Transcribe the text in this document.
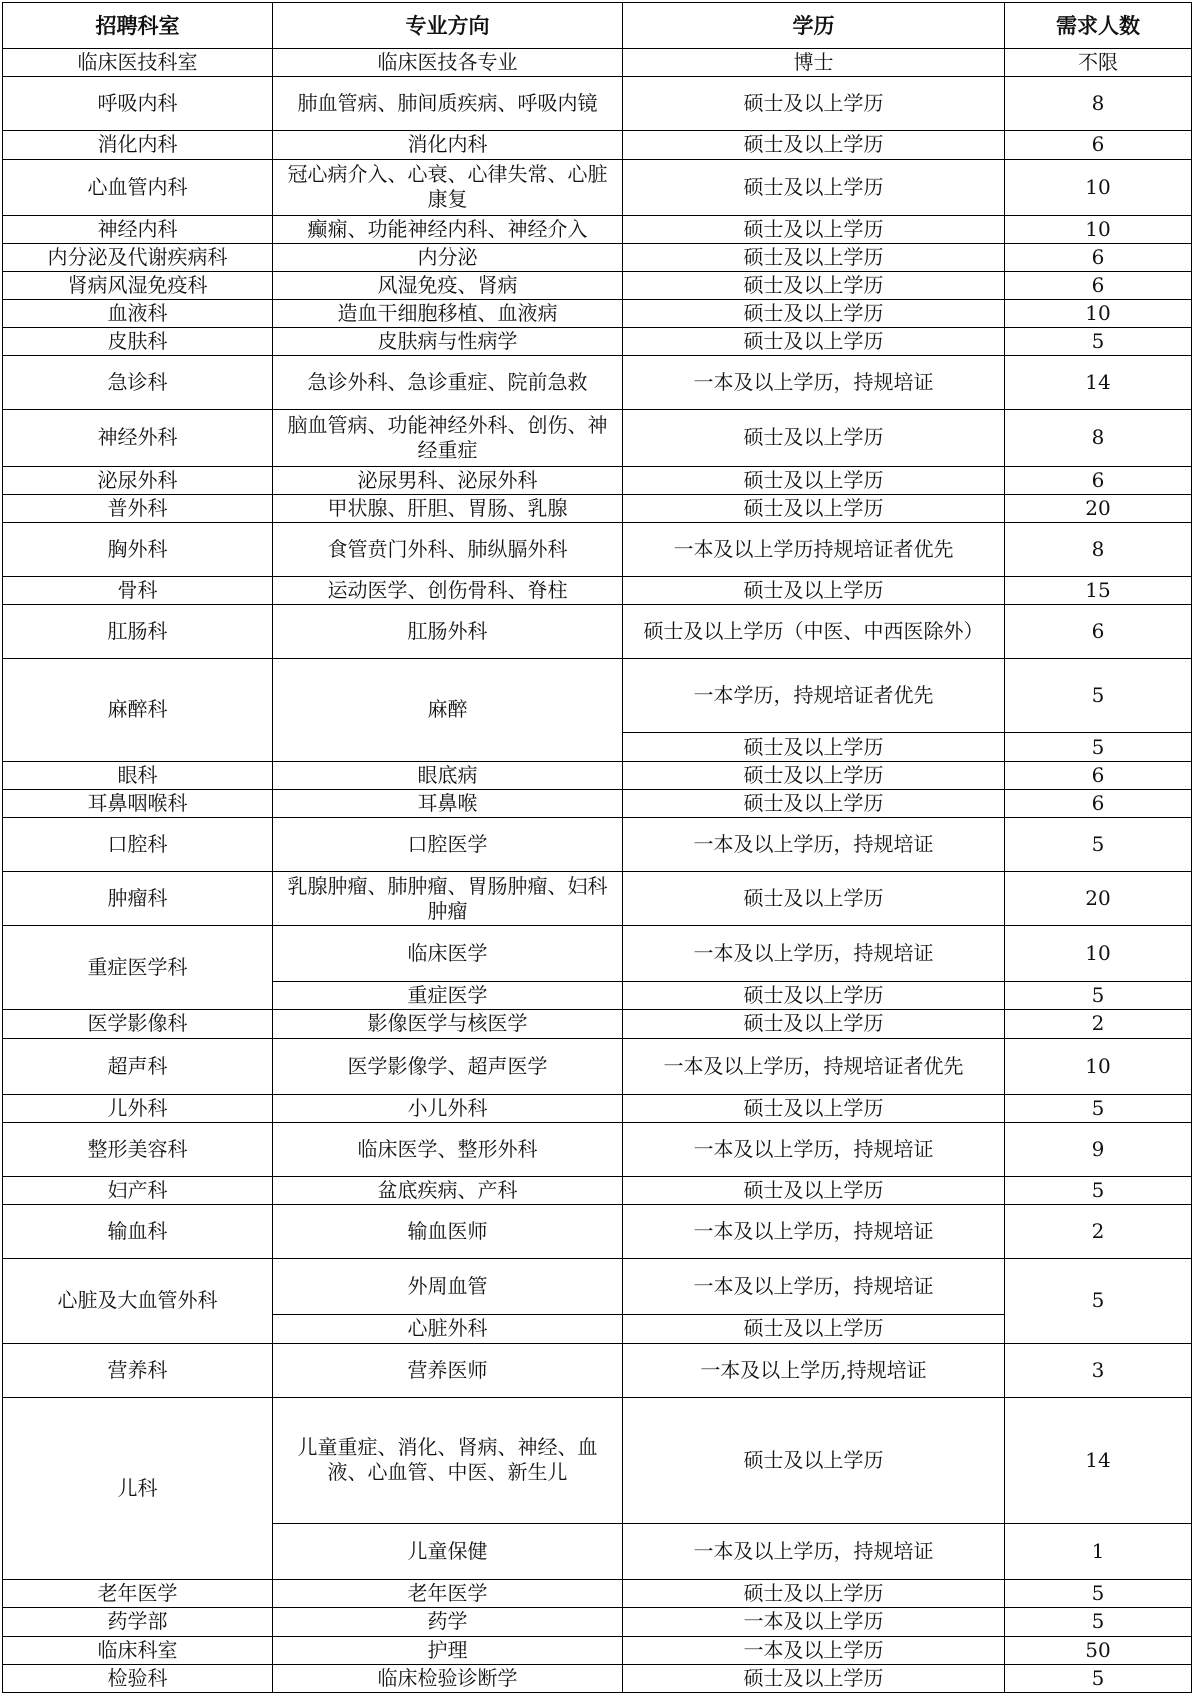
招聘科室	专业方向	学历	需求人数
临床医技科室	临床医技各专业	博士	不限
呼吸内科	肺血管病、肺间质疾病、呼吸内镜	硕士及以上学历	8
消化内科	消化内科	硕士及以上学历	6
心血管内科	冠心病介入、心衰、心律失常、心脏康复	硕士及以上学历	10
神经内科	癫痫、功能神经内科、神经介入	硕士及以上学历	10
内分泌及代谢疾病科	内分泌	硕士及以上学历	6
肾病风湿免疫科	风湿免疫、肾病	硕士及以上学历	6
血液科	造血干细胞移植、血液病	硕士及以上学历	10
皮肤科	皮肤病与性病学	硕士及以上学历	5
急诊科	急诊外科、急诊重症、院前急救	一本及以上学历，持规培证	14
神经外科	脑血管病、功能神经外科、创伤、神经重症	硕士及以上学历	8
泌尿外科	泌尿男科、泌尿外科	硕士及以上学历	6
普外科	甲状腺、肝胆、胃肠、乳腺	硕士及以上学历	20
胸外科	食管贲门外科、肺纵膈外科	一本及以上学历持规培证者优先	8
骨科	运动医学、创伤骨科、脊柱	硕士及以上学历	15
肛肠科	肛肠外科	硕士及以上学历（中医、中西医除外）	6
麻醉科	麻醉	一本学历，持规培证者优先	5
		硕士及以上学历	5
眼科	眼底病	硕士及以上学历	6
耳鼻咽喉科	耳鼻喉	硕士及以上学历	6
口腔科	口腔医学	一本及以上学历，持规培证	5
肿瘤科	乳腺肿瘤、肺肿瘤、胃肠肿瘤、妇科肿瘤	硕士及以上学历	20
重症医学科	临床医学	一本及以上学历，持规培证	10
	重症医学	硕士及以上学历	5
医学影像科	影像医学与核医学	硕士及以上学历	2
超声科	医学影像学、超声医学	一本及以上学历，持规培证者优先	10
儿外科	小儿外科	硕士及以上学历	5
整形美容科	临床医学、整形外科	一本及以上学历，持规培证	9
妇产科	盆底疾病、产科	硕士及以上学历	5
输血科	输血医师	一本及以上学历，持规培证	2
心脏及大血管外科	外周血管	一本及以上学历，持规培证	5
	心脏外科	硕士及以上学历	
营养科	营养医师	一本及以上学历,持规培证	3
儿科	儿童重症、消化、肾病、神经、血液、心血管、中医、新生儿	硕士及以上学历	14
	儿童保健	一本及以上学历，持规培证	1
老年医学	老年医学	硕士及以上学历	5
药学部	药学	一本及以上学历	5
临床科室	护理	一本及以上学历	50
检验科	临床检验诊断学	硕士及以上学历	5
